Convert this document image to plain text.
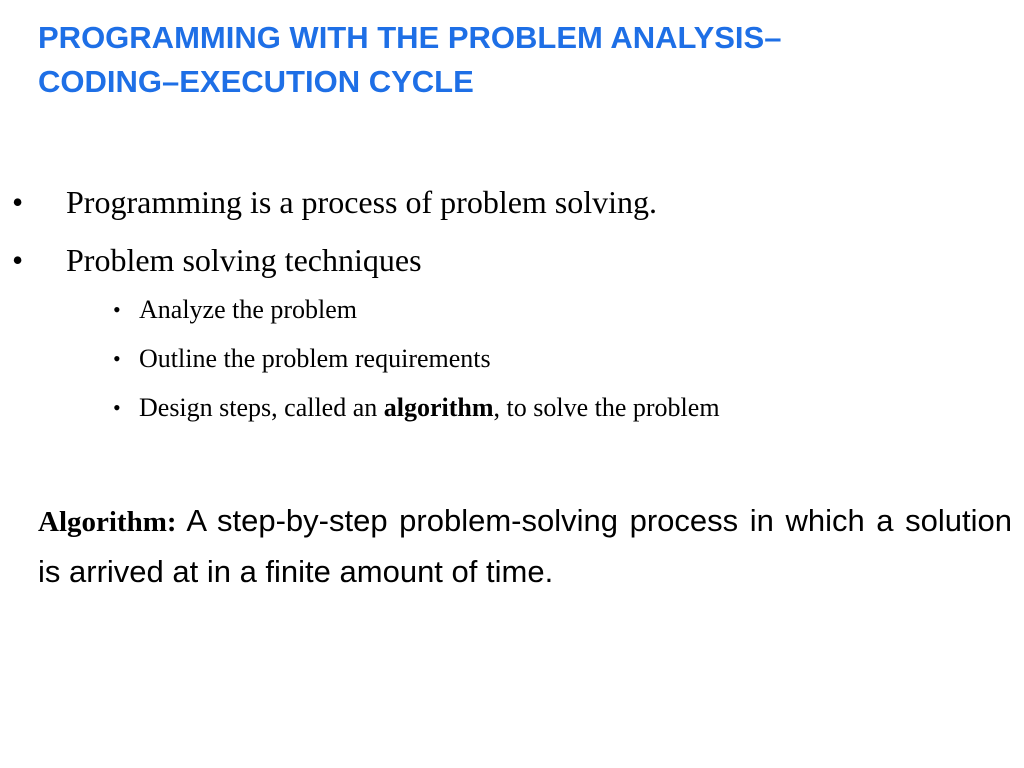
PROGRAMMING WITH THE PROBLEM ANALYSIS–
CODING–EXECUTION CYCLE
• Programming is a process of problem solving.
• Problem solving techniques
• Analyze the problem
• Outline the problem requirements
• Design steps, called an algorithm, to solve the problem

Algorithm: A step-by-step problem-solving process in which a solution is arrived at in a finite amount of time.
